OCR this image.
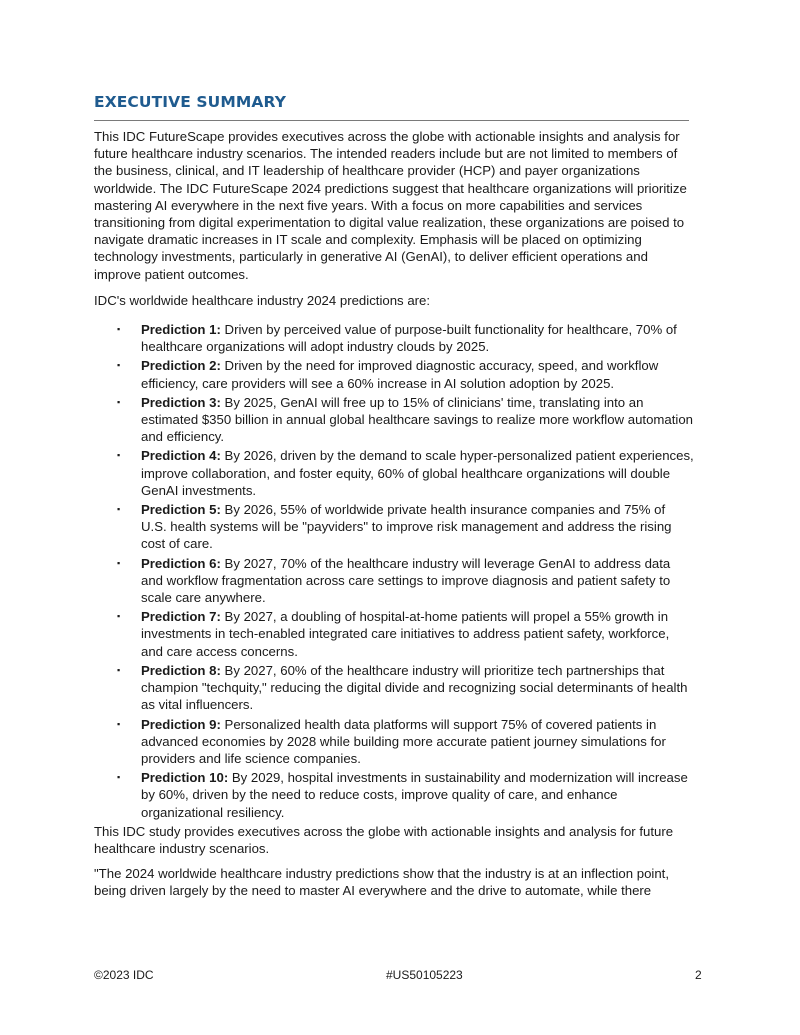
EXECUTIVE SUMMARY

This IDC FutureScape provides executives across the globe with actionable insights and analysis for future healthcare industry scenarios. The intended readers include but are not limited to members of the business, clinical, and IT leadership of healthcare provider (HCP) and payer organizations worldwide. The IDC FutureScape 2024 predictions suggest that healthcare organizations will prioritize mastering AI everywhere in the next five years. With a focus on more capabilities and services transitioning from digital experimentation to digital value realization, these organizations are poised to navigate dramatic increases in IT scale and complexity. Emphasis will be placed on optimizing technology investments, particularly in generative AI (GenAI), to deliver efficient operations and improve patient outcomes.

IDC's worldwide healthcare industry 2024 predictions are:

▪ Prediction 1: Driven by perceived value of purpose-built functionality for healthcare, 70% of healthcare organizations will adopt industry clouds by 2025.
▪ Prediction 2: Driven by the need for improved diagnostic accuracy, speed, and workflow efficiency, care providers will see a 60% increase in AI solution adoption by 2025.
▪ Prediction 3: By 2025, GenAI will free up to 15% of clinicians' time, translating into an estimated $350 billion in annual global healthcare savings to realize more workflow automation and efficiency.
▪ Prediction 4: By 2026, driven by the demand to scale hyper-personalized patient experiences, improve collaboration, and foster equity, 60% of global healthcare organizations will double GenAI investments.
▪ Prediction 5: By 2026, 55% of worldwide private health insurance companies and 75% of U.S. health systems will be "payviders" to improve risk management and address the rising cost of care.
▪ Prediction 6: By 2027, 70% of the healthcare industry will leverage GenAI to address data and workflow fragmentation across care settings to improve diagnosis and patient safety to scale care anywhere.
▪ Prediction 7: By 2027, a doubling of hospital-at-home patients will propel a 55% growth in investments in tech-enabled integrated care initiatives to address patient safety, workforce, and care access concerns.
▪ Prediction 8: By 2027, 60% of the healthcare industry will prioritize tech partnerships that champion "techquity," reducing the digital divide and recognizing social determinants of health as vital influencers.
▪ Prediction 9: Personalized health data platforms will support 75% of covered patients in advanced economies by 2028 while building more accurate patient journey simulations for providers and life science companies.
▪ Prediction 10: By 2029, hospital investments in sustainability and modernization will increase by 60%, driven by the need to reduce costs, improve quality of care, and enhance organizational resiliency.

This IDC study provides executives across the globe with actionable insights and analysis for future healthcare industry scenarios.

"The 2024 worldwide healthcare industry predictions show that the industry is at an inflection point, being driven largely by the need to master AI everywhere and the drive to automate, while there

©2023 IDC	#US50105223	2
